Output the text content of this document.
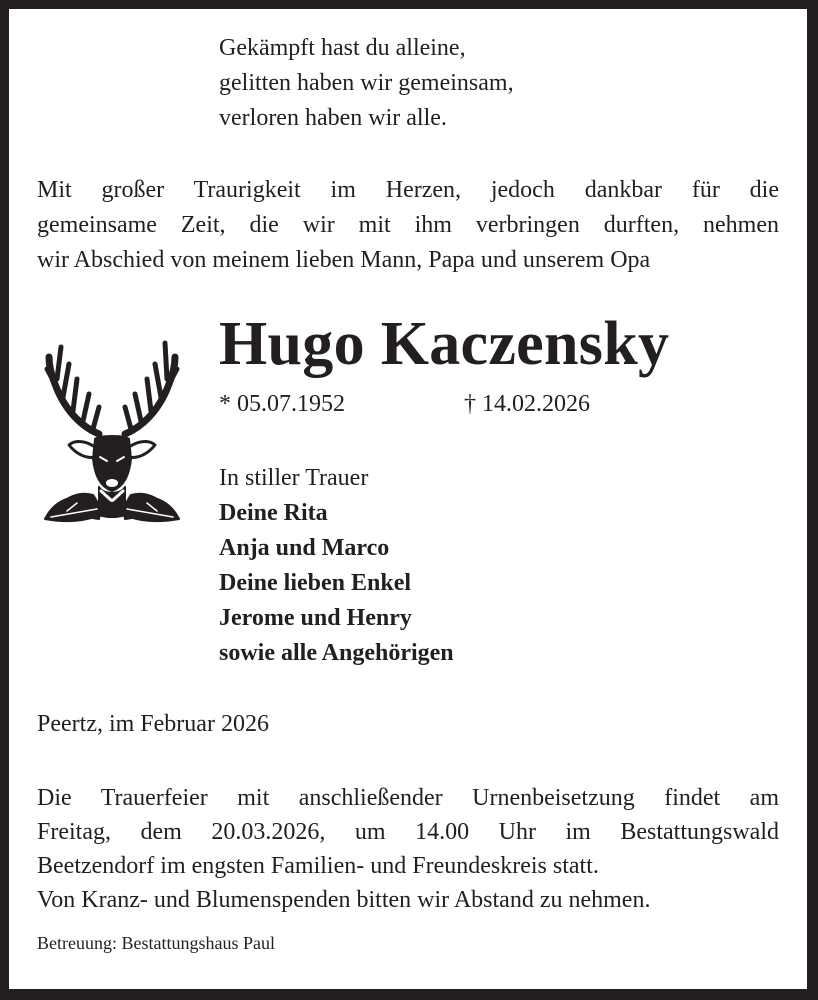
Gekämpft hast du alleine,
gelitten haben wir gemeinsam,
verloren haben wir alle.
Mit großer Traurigkeit im Herzen, jedoch dankbar für die
gemeinsame Zeit, die wir mit ihm verbringen durften, nehmen
wir Abschied von meinem lieben Mann, Papa und unserem Opa
Hugo Kaczensky
* 05.07.1952	† 14.02.2026
In stiller Trauer
Deine Rita
Anja und Marco
Deine lieben Enkel
Jerome und Henry
sowie alle Angehörigen
Peertz, im Februar 2026
Die Trauerfeier mit anschließender Urnenbeisetzung findet am
Freitag, dem 20.03.2026, um 14.00 Uhr im Bestattungswald
Beetzendorf im engsten Familien- und Freundeskreis statt.
Von Kranz- und Blumenspenden bitten wir Abstand zu nehmen.
Betreuung: Bestattungshaus Paul
